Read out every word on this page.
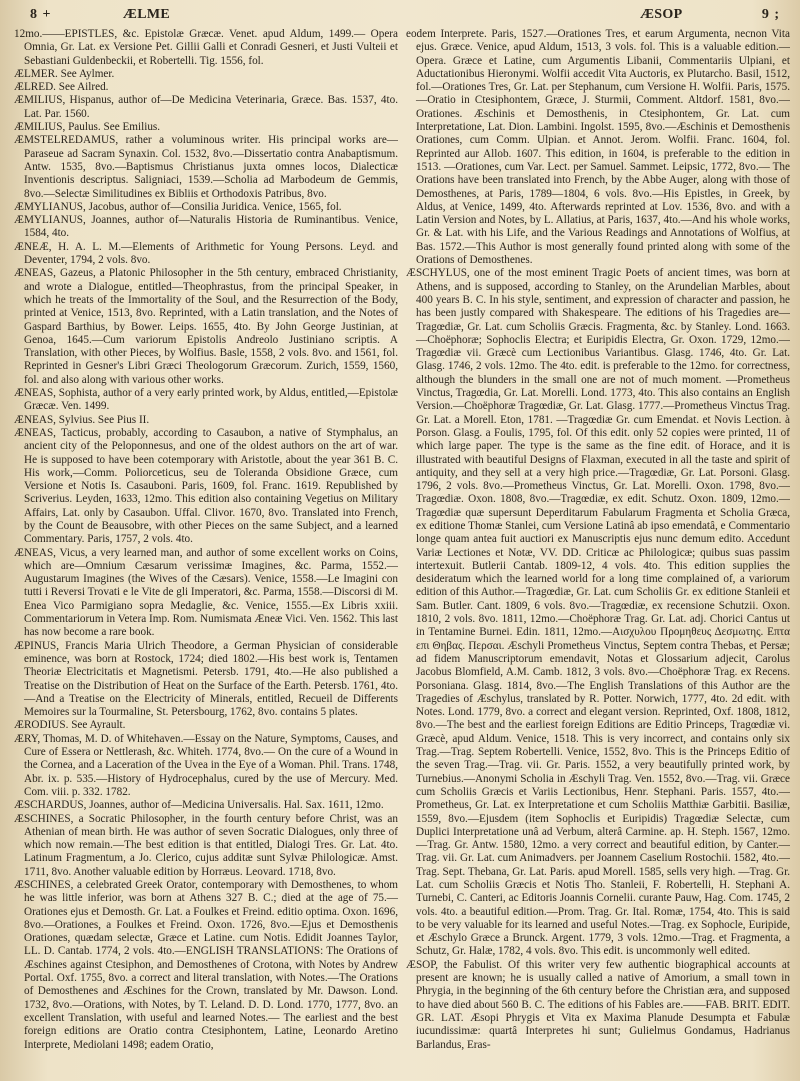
8 +	ÆLME	ÆSOP	9 ;

12mo.——EPISTLES, &c. Epistolæ Græcæ. Venet. apud Aldum, 1499.— Opera Omnia, Gr. Lat. ex Versione Pet. Gillii Galli et Conradi Gesneri, et Justi Vulteii et Sebastiani Guldenbeckii, et Robertelli. Tig. 1556, fol.

ÆLMER. See Aylmer.

ÆLRED. See Ailred.

ÆMILIUS, Hispanus, author of—De Medicina Veterinaria, Græce. Bas. 1537, 4to. Lat. Par. 1560.

ÆMILIUS, Paulus. See Emilius.

ÆMSTELREDAMUS, rather a voluminous writer. His principal works are—Paraseue ad Sacram Synaxin. Col. 1532, 8vo.—Dissertatio contra Anabaptismum. Antw. 1535, 8vo.—Baptismus Christianus juxta omnes locos, Dialecticæ Inventionis descriptus. Saligniaci, 1539.—Scholia ad Marbodeum de Gemmis, 8vo.—Selectæ Similitudines ex Bibliis et Orthodoxis Patribus, 8vo.

ÆMYLIANUS, Jacobus, author of—Consilia Juridica. Venice, 1565, fol.

ÆMYLIANUS, Joannes, author of—Naturalis Historia de Ruminantibus. Venice, 1584, 4to.

ÆNEÆ, H. A. L. M.—Elements of Arithmetic for Young Persons. Leyd. and Deventer, 1794, 2 vols. 8vo.

ÆNEAS, Gazeus, a Platonic Philosopher in the 5th century, embraced Christianity, and wrote a Dialogue, entitled—Theophrastus, from the principal Speaker, in which he treats of the Immortality of the Soul, and the Resurrection of the Body, printed at Venice, 1513, 8vo. Reprinted, with a Latin translation, and the Notes of Gaspard Barthius, by Bower. Leips. 1655, 4to. By John George Justinian, at Genoa, 1645.—Cum variorum Epistolis Andreolo Justiniano scriptis. A Translation, with other Pieces, by Wolfius. Basle, 1558, 2 vols. 8vo. and 1561, fol. Reprinted in Gesner's Libri Græci Theologorum Græcorum. Zurich, 1559, 1560, fol. and also along with various other works.

ÆNEAS, Sophista, author of a very early printed work, by Aldus, entitled,—Epistolæ Græcæ. Ven. 1499.

ÆNEAS, Sylvius. See Pius II.

ÆNEAS, Tacticus, probably, according to Casaubon, a native of Stymphalus, an ancient city of the Peloponnesus, and one of the oldest authors on the art of war. He is supposed to have been cotemporary with Aristotle, about the year 361 B. C. His work,—Comm. Poliorceticus, seu de Toleranda Obsidione Græce, cum Versione et Notis Is. Casauboni. Paris, 1609, fol. Franc. 1619. Republished by Scriverius. Leyden, 1633, 12mo. This edition also containing Vegetius on Military Affairs, Lat. only by Casaubon. Uffal. Clivor. 1670, 8vo. Translated into French, by the Count de Beausobre, with other Pieces on the same Subject, and a learned Commentary. Paris, 1757, 2 vols. 4to.

ÆNEAS, Vicus, a very learned man, and author of some excellent works on Coins, which are—Omnium Cæsarum verissimæ Imagines, &c. Parma, 1552.—Augustarum Imagines (the Wives of the Cæsars). Venice, 1558.—Le Imagini con tutti i Reversi Trovati e le Vite de gli Imperatori, &c. Parma, 1558.—Discorsi di M. Enea Vico Parmigiano sopra Medaglie, &c. Venice, 1555.—Ex Libris xxiii. Commentariorum in Vetera Imp. Rom. Numismata Æneæ Vici. Ven. 1562. This last has now become a rare book.

ÆPINUS, Francis Maria Ulrich Theodore, a German Physician of considerable eminence, was born at Rostock, 1724; died 1802.—His best work is, Tentamen Theoriæ Electricitatis et Magnetismi. Petersb. 1791, 4to.—He also published a Treatise on the Distribution of Heat on the Surface of the Earth. Petersb. 1761, 4to.—And a Treatise on the Electricity of Minerals, entitled, Recueil de Differents Memoires sur la Tourmaline, St. Petersbourg, 1762, 8vo. contains 5 plates.

ÆRODIUS. See Ayrault.

ÆRY, Thomas, M. D. of Whitehaven.—Essay on the Nature, Symptoms, Causes, and Cure of Essera or Nettlerash, &c. Whiteh. 1774, 8vo.— On the cure of a Wound in the Cornea, and a Laceration of the Uvea in the Eye of a Woman. Phil. Trans. 1748, Abr. ix. p. 535.—History of Hydrocephalus, cured by the use of Mercury. Med. Com. viii. p. 332. 1782.

ÆSCHARDUS, Joannes, author of—Medicina Universalis. Hal. Sax. 1611, 12mo.

ÆSCHINES, a Socratic Philosopher, in the fourth century before Christ, was an Athenian of mean birth. He was author of seven Socratic Dialogues, only three of which now remain.—The best edition is that entitled, Dialogi Tres. Gr. Lat. 4to. Latinum Fragmentum, a Jo. Clerico, cujus additæ sunt Sylvæ Philologicæ. Amst. 1711, 8vo. Another valuable edition by Horræus. Leovard. 1718, 8vo.

ÆSCHINES, a celebrated Greek Orator, contemporary with Demosthenes, to whom he was little inferior, was born at Athens 327 B. C.; died at the age of 75.—Orationes ejus et Demosth. Gr. Lat. a Foulkes et Freind. editio optima. Oxon. 1696, 8vo.—Orationes, a Foulkes et Freind. Oxon. 1726, 8vo.—Ejus et Demosthenis Orationes, quædam selectæ, Græce et Latine. cum Notis. Edidit Joannes Taylor, LL. D. Cantab. 1774, 2 vols. 4to.—ENGLISH TRANSLATIONS: The Orations of Æschines against Ctesiphon, and Demosthenes of Crotona, with Notes by Andrew Portal. Oxf. 1755, 8vo. a correct and literal translation, with Notes.—The Orations of Demosthenes and Æschines for the Crown, translated by Mr. Dawson. Lond. 1732, 8vo.—Orations, with Notes, by T. Leland. D. D. Lond. 1770, 1777, 8vo. an excellent Translation, with useful and learned Notes.— The earliest and the best foreign editions are Oratio contra Ctesiphontem, Latine, Leonardo Aretino Interprete, Mediolani 1498; eadem Oratio,

eodem Interprete. Paris, 1527.—Orationes Tres, et earum Argumenta, necnon Vita ejus. Græce. Venice, apud Aldum, 1513, 3 vols. fol. This is a valuable edition.—Opera. Græce et Latine, cum Argumentis Libanii, Commentariis Ulpiani, et Aductationibus Hieronymi. Wolfii accedit Vita Auctoris, ex Plutarcho. Basil, 1512, fol.—Orationes Tres, Gr. Lat. per Stephanum, cum Versione H. Wolfii. Paris, 1575.—Oratio in Ctesiphontem, Græce, J. Sturmii, Comment. Altdorf. 1581, 8vo.—Orationes. Æschinis et Demosthenis, in Ctesiphontem, Gr. Lat. cum Interpretatione, Lat. Dion. Lambini. Ingolst. 1595, 8vo.—Æschinis et Demosthenis Orationes, cum Comm. Ulpian. et Annot. Jerom. Wolfii. Franc. 1604, fol. Reprinted aur Allob. 1607. This edition, in 1604, is preferable to the edition in 1513. —Orationes, cum Var. Lect. per Samuel. Sammet. Leipsic, 1772, 8vo.— The Orations have been translated into French, by the Abbe Auger, along with those of Demosthenes, at Paris, 1789—1804, 6 vols. 8vo.—His Epistles, in Greek, by Aldus, at Venice, 1499, 4to. Afterwards reprinted at Lov. 1536, 8vo. and with a Latin Version and Notes, by L. Allatius, at Paris, 1637, 4to.—And his whole works, Gr. & Lat. with his Life, and the Various Readings and Annotations of Wolfius, at Bas. 1572.—This Author is most generally found printed along with some of the Orations of Demosthenes.

ÆSCHYLUS, one of the most eminent Tragic Poets of ancient times, was born at Athens, and is supposed, according to Stanley, on the Arundelian Marbles, about 400 years B. C. In his style, sentiment, and expression of character and passion, he has been justly compared with Shakespeare. The editions of his Tragedies are—Tragœdiæ, Gr. Lat. cum Scholiis Græcis. Fragmenta, &c. by Stanley. Lond. 1663.—Choëphoræ; Sophoclis Electra; et Euripidis Electra, Gr. Oxon. 1729, 12mo.—Tragœdiæ vii. Græcè cum Lectionibus Variantibus. Glasg. 1746, 4to. Gr. Lat. Glasg. 1746, 2 vols. 12mo. The 4to. edit. is preferable to the 12mo. for correctness, although the blunders in the small one are not of much moment. —Prometheus Vinctus, Tragœdia, Gr. Lat. Morelli. Lond. 1773, 4to. This also contains an English Version.—Choëphoræ Tragœdiæ, Gr. Lat. Glasg. 1777.—Prometheus Vinctus Trag. Gr. Lat. a Morell. Eton, 1781. —Tragœdiæ Gr. cum Emendat. et Novis Lection. à Porson. Glasg. a Foulis, 1795, fol. Of this edit. only 52 copies were printed, 11 of which large paper. The type is the same as the fine edit. of Horace, and it is illustrated with beautiful Designs of Flaxman, executed in all the taste and spirit of antiquity, and they sell at a very high price.—Tragœdiæ, Gr. Lat. Porsoni. Glasg. 1796, 2 vols. 8vo.—Prometheus Vinctus, Gr. Lat. Morelli. Oxon. 1798, 8vo.—Tragœdiæ. Oxon. 1808, 8vo.—Tragœdiæ, ex edit. Schutz. Oxon. 1809, 12mo.—Tragœdiæ quæ supersunt Deperditarum Fabularum Fragmenta et Scholia Græca, ex editione Thomæ Stanlei, cum Versione Latinâ ab ipso emendatâ, e Commentario longe quam antea fuit auctiori ex Manuscriptis ejus nunc demum edito. Accedunt Variæ Lectiones et Notæ, VV. DD. Criticæ ac Philologicæ; quibus suas passim intertexuit. Butlerii Cantab. 1809-12, 4 vols. 4to. This edition supplies the desideratum which the learned world for a long time complained of, a variorum edition of this Author.—Tragœdiæ, Gr. Lat. cum Scholiis Gr. ex editione Stanleii et Sam. Butler. Cant. 1809, 6 vols. 8vo.—Tragœdiæ, ex recensione Schutzii. Oxon. 1810, 2 vols. 8vo. 1811, 12mo.—Choëphoræ Trag. Gr. Lat. adj. Chorici Cantus ut in Tentamine Burnei. Edin. 1811, 12mo.—Αισχυλου Προμηθευς Δεσμωτης. Επτα επι Θηβας. Περσαι. Æschyli Prometheus Vinctus, Septem contra Thebas, et Persæ; ad fidem Manuscriptorum emendavit, Notas et Glossarium adjecit, Carolus Jacobus Blomfield, A.M. Camb. 1812, 3 vols. 8vo.—Choëphoræ Trag. ex Recens. Porsoniana. Glasg. 1814, 8vo.—The English Translations of this Author are the Tragedies of Æschylus, translated by R. Potter. Norwich, 1777, 4to. 2d edit. with Notes. Lond. 1779, 8vo. a correct and elegant version. Reprinted, Oxf. 1808, 1812, 8vo.—The best and the earliest foreign Editions are Editio Princeps, Tragœdiæ vi. Græcè, apud Aldum. Venice, 1518. This is very incorrect, and contains only six Trag.—Trag. Septem Robertelli. Venice, 1552, 8vo. This is the Princeps Editio of the seven Trag.—Trag. vii. Gr. Paris. 1552, a very beautifully printed work, by Turnebius.—Anonymi Scholia in Æschyli Trag. Ven. 1552, 8vo.—Trag. vii. Græce cum Scholiis Græcis et Variis Lectionibus, Henr. Stephani. Paris. 1557, 4to.—Prometheus, Gr. Lat. ex Interpretatione et cum Scholiis Matthiæ Garbitii. Basiliæ, 1559, 8vo.—Ejusdem (item Sophoclis et Euripidis) Tragœdiæ Selectæ, cum Duplici Interpretatione unâ ad Verbum, alterâ Carmine. ap. H. Steph. 1567, 12mo.—Trag. Gr. Antw. 1580, 12mo. a very correct and beautiful edition, by Canter.—Trag. vii. Gr. Lat. cum Animadvers. per Joannem Caselium Rostochii. 1582, 4to.— Trag. Sept. Thebana, Gr. Lat. Paris. apud Morell. 1585, sells very high. —Trag. Gr. Lat. cum Scholiis Græcis et Notis Tho. Stanleii, F. Robertelli, H. Stephani A. Turnebi, C. Canteri, ac Editoris Joannis Cornelii. curante Pauw, Hag. Com. 1745, 2 vols. 4to. a beautiful edition.—Prom. Trag. Gr. Ital. Romæ, 1754, 4to. This is said to be very valuable for its learned and useful Notes.—Trag. ex Sophocle, Euripide, et Æschylo Græce a Brunck. Argent. 1779, 3 vols. 12mo.—Trag. et Fragmenta, a Schutz, Gr. Halæ, 1782, 4 vols. 8vo. This edit. is uncommonly well edited.

ÆSOP, the Fabulist. Of this writer very few authentic biographical accounts at present are known; he is usually called a native of Amorium, a small town in Phrygia, in the beginning of the 6th century before the Christian æra, and supposed to have died about 560 B. C. The editions of his Fables are.——FAB. BRIT. EDIT. GR. LAT. Æsopi Phrygis et Vita ex Maxima Planude Desumpta et Fabulæ iucundissimæ: quartâ Interpretes hi sunt; Gulielmus Gondamus, Hadrianus Barlandus, Eras-
